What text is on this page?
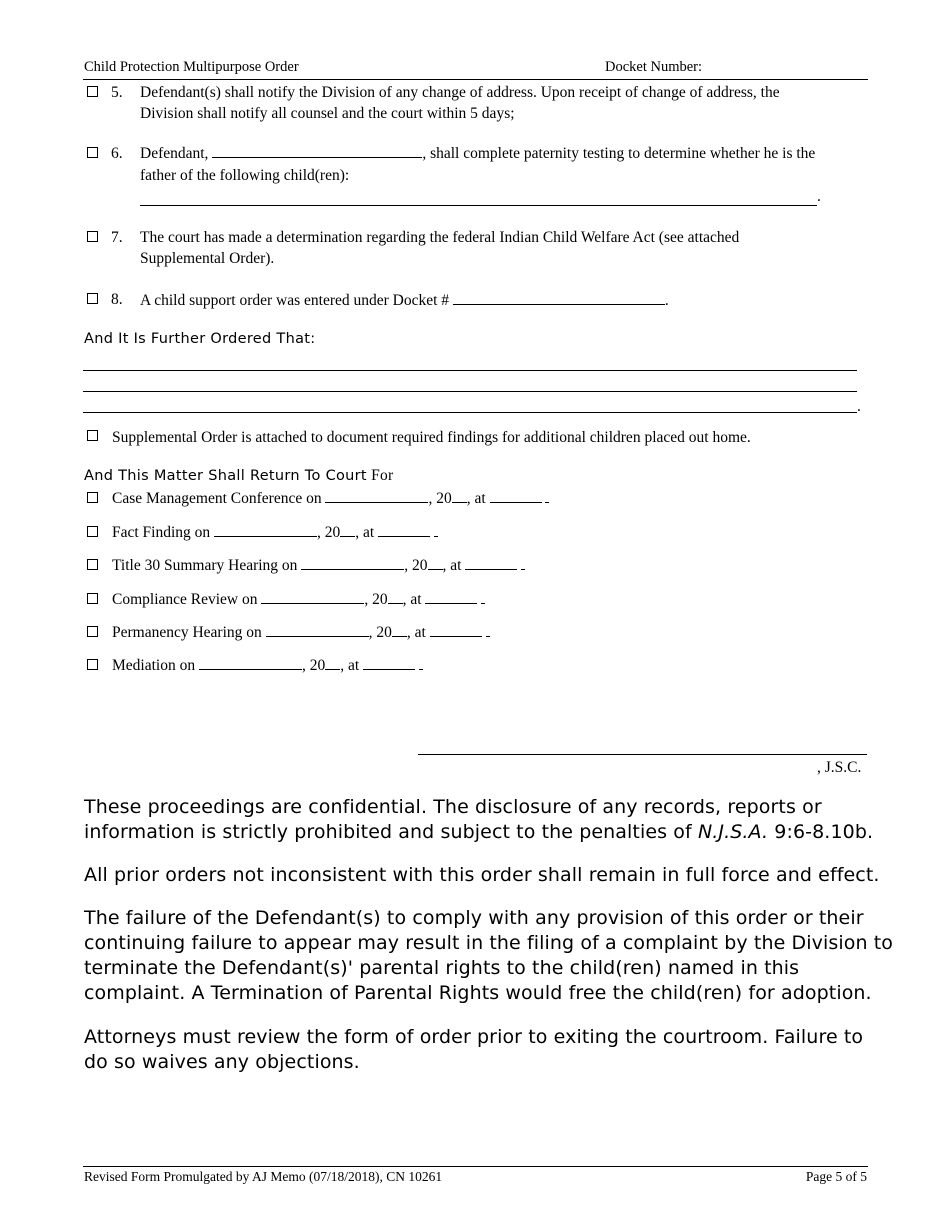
Child Protection Multipurpose Order	Docket Number:
5. Defendant(s) shall notify the Division of any change of address. Upon receipt of change of address, the
Division shall notify all counsel and the court within 5 days;
6. Defendant,	, shall complete paternity testing to determine whether he is the
father of the following child(ren):
.
7. The court has made a determination regarding the federal Indian Child Welfare Act (see attached
Supplemental Order).
8. A child support order was entered under Docket #	.
And It Is Further Ordered That:
.
Supplemental Order is attached to document required findings for additional children placed out home.
And This Matter Shall Return To Court For
Case Management Conference on	, 20 , at
Fact Finding on	, 20 , at
Title 30 Summary Hearing on	, 20 , at
Compliance Review on	, 20 , at
Permanency Hearing on	, 20 , at
Mediation on	, 20 , at
, J.S.C.
These proceedings are confidential. The disclosure of any records, reports or
information is strictly prohibited and subject to the penalties of N.J.S.A. 9:6-8.10b.
All prior orders not inconsistent with this order shall remain in full force and effect.
The failure of the Defendant(s) to comply with any provision of this order or their
continuing failure to appear may result in the filing of a complaint by the Division to
terminate the Defendant(s)' parental rights to the child(ren) named in this
complaint. A Termination of Parental Rights would free the child(ren) for adoption.
Attorneys must review the form of order prior to exiting the courtroom. Failure to
do so waives any objections.
Revised Form Promulgated by AJ Memo (07/18/2018), CN 10261	Page 5 of 5
